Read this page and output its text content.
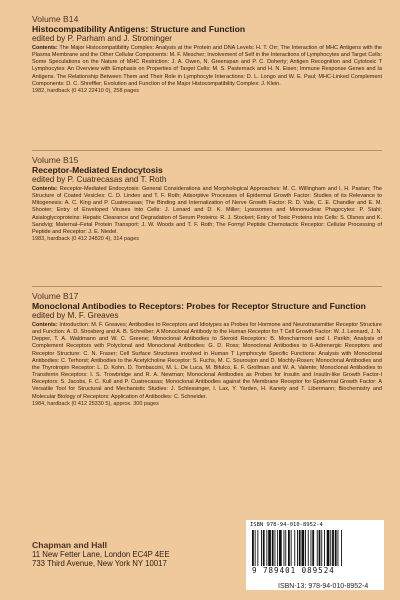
Volume B14
Histocompatibility Antigens: Structure and Function
edited by P. Parham and J. Strominger
Contents: The Major Histocompatibility Complex: Analysis at the Protein and DNA Levels: H. T. Orr; The Interaction of MHC Antigens with the Plasma Membrane and the Other Cellular Components: M. F. Mescher; Involvement of Self in the Interactions of Lymphocytes and Target Cells: Some Speculations on the Nature of MHC Restriction: J. A. Owen, N. Greenspan and P. C. Doherty; Antigen Recognition and Cytotoxic T Lymphocytes: An Overview with Emphasis on Properties of Target Cells: M. S. Pasternack and H. N. Eisen; Immune Response Genes and Ia Antigens. The Relationship Between Them and Their Role in Lymphocyte Interactions: D. L. Longo and W. E. Paul; MHC-Linked Complement Components: D. C. Shreffler; Evolution and Function of the Major Histocompatibility Complex: J. Klein.
1982, hardback (0 412 22410 0), 258 pages
Volume B15
Receptor-Mediated Endocytosis
edited by P. Cuatrecasas and T. Roth
Contents: Receptor-Mediated Endocytosis: General Considerations and Morphological Approaches: M. C. Willingham and I. H. Pastan; The Structure of Coated Vesicles: C. D. Linden and T. F. Roth; Adsorptive Processes of Epidermal Growth Factor: Studies of its Relevance to Mitogenesis: A. C. King and P. Cuatrecasas; The Binding and Internalization of Nerve Growth Factor: R. D. Vale, C. E. Chandler and E. M. Shooter; Entry of Enveloped Viruses into Cells: J. Lenard and D. K. Miller; Lysosomes and Mononuclear Phagocytes: P. Stahl; Asialoglycoproteins: Hepatic Clearance and Degradation of Serum Proteins: R. J. Stockert; Entry of Toxic Proteins into Cells: S. Olsnes and K. Sandvig; Maternal–Fetal Protein Transport: J. W. Woods and T. F. Roth; The Formyl Peptide Chemotactic Receptor: Cellular Processing of Peptide and Receptor: J. E. Niedel.
1983, hardback (0 412 24820 4), 314 pages
Volume B17
Monoclonal Antibodies to Receptors: Probes for Receptor Structure and Function
edited by M. F. Greaves
Contents: Introduction: M. F. Greaves; Antibodies to Receptors and Idiotypes as Probes for Hormone and Neurotransmitter Receptor Structure and Function: A. D. Strosberg and A. B. Schreiber; A Monoclonal Antibody to the Human Receptor for T Cell Growth Factor: W. J. Leonard, J. N. Depper, T. A. Waldmann and W. C. Greene; Monoclonal Antibodies to Steroid Receptors: B. Moncharmont and I. Parikh; Analysis of Complement Receptors with Polyclonal and Monoclonal Antibodies: G. D. Ross; Monoclonal Antibodies to ß-Adrenergic Receptors and Receptor Structure: C. N. Fraser; Cell Surface Structures involved in Human T Lymphocyte Specific Functions: Analysis with Monoclonal Antibodies: C. Terhorst; Antibodies to the Acetylcholine Receptor: S. Fuchs, M. C. Souroujon and D. Mochly-Rosen; Monoclonal Antibodies and the Thyrotropin Receptor: L. D. Kohn, D. Tombaccini, M. L. De Luca, M. Bifulco, E. F. Grollman and W. A. Valente; Monoclonal Antibodies to Transferrin Receptors: I. S. Trowbridge and R. A. Newman; Monoclonal Antibodies as Probes for Insulin and Insulin-like Growth Factor-I Receptors: S. Jacobs, F. C. Kull and P. Cuatrecasas; Monoclonal Antibodies against the Membrane Receptor for Epidermal Growth Factor: A Versatile Tool for Structural and Mechanistic Studies: J. Schlessinger, I. Lax, Y. Yarden, H. Kanety and T. Libermann; Biochemistry and Molecular Biology of Receptors: Application of Antibodies: C. Schneider.
1984, hardback (0 412 25330 5), approx. 300 pages
Chapman and Hall
11 New Fetter Lane, London EC4P 4EE
733 Third Avenue, New York NY 10017
ISBN 978-94-010-8952-4
9 789401 089524
ISBN-13: 978-94-010-8952-4
